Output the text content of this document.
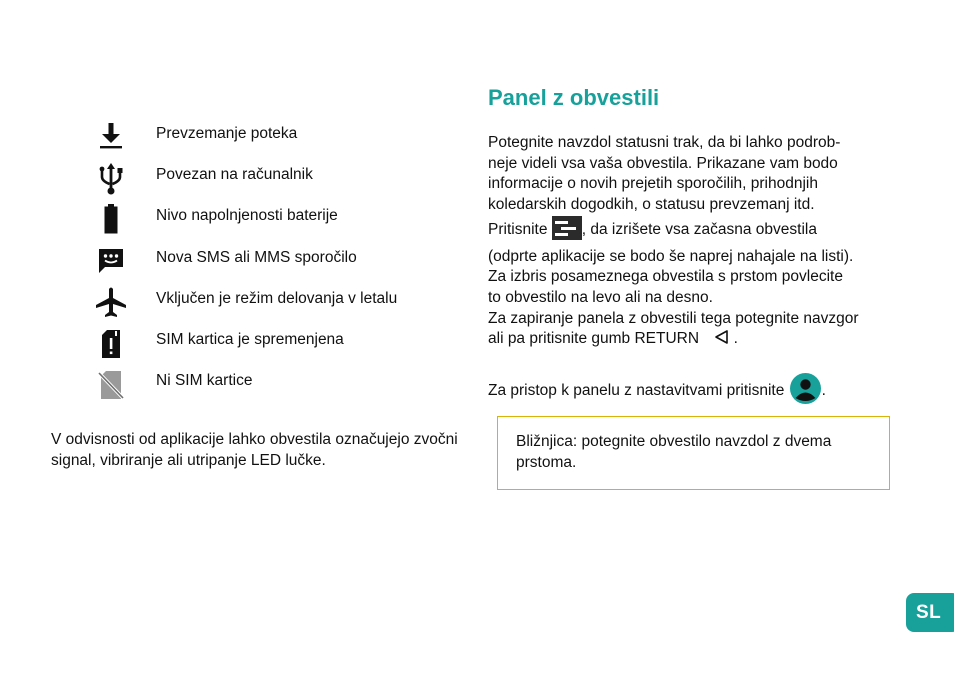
Prevzemanje poteka
Povezan na računalnik
Nivo napolnjenosti baterije
Nova SMS ali MMS sporočilo
Vključen je režim delovanja v letalu
SIM kartica je spremenjena
Ni SIM kartice
V odvisnosti od aplikacije lahko obvestila označujejo zvočni signal, vibriranje ali utripanje LED lučke.
Panel z obvestili
Potegnite navzdol statusni trak, da bi lahko podrob-
neje videli vsa vaša obvestila. Prikazane vam bodo
informacije o novih prejetih sporočilih, prihodnjih
koledarskih dogodkih, o statusu prevzemanj itd.
Pritisnite , da izrišete vsa začasna obvestila
(odprte aplikacije se bodo še naprej nahajale na listi).
Za izbris posameznega obvestila s prstom povlecite
to obvestilo na levo ali na desno.
Za zapiranje panela z obvestili tega potegnite navzgor
ali pa pritisnite gumb RETURN  .
Za pristop k panelu z nastavitvami pritisnite .
Bližnjica: potegnite obvestilo navzdol z dvema prstoma.
SL
